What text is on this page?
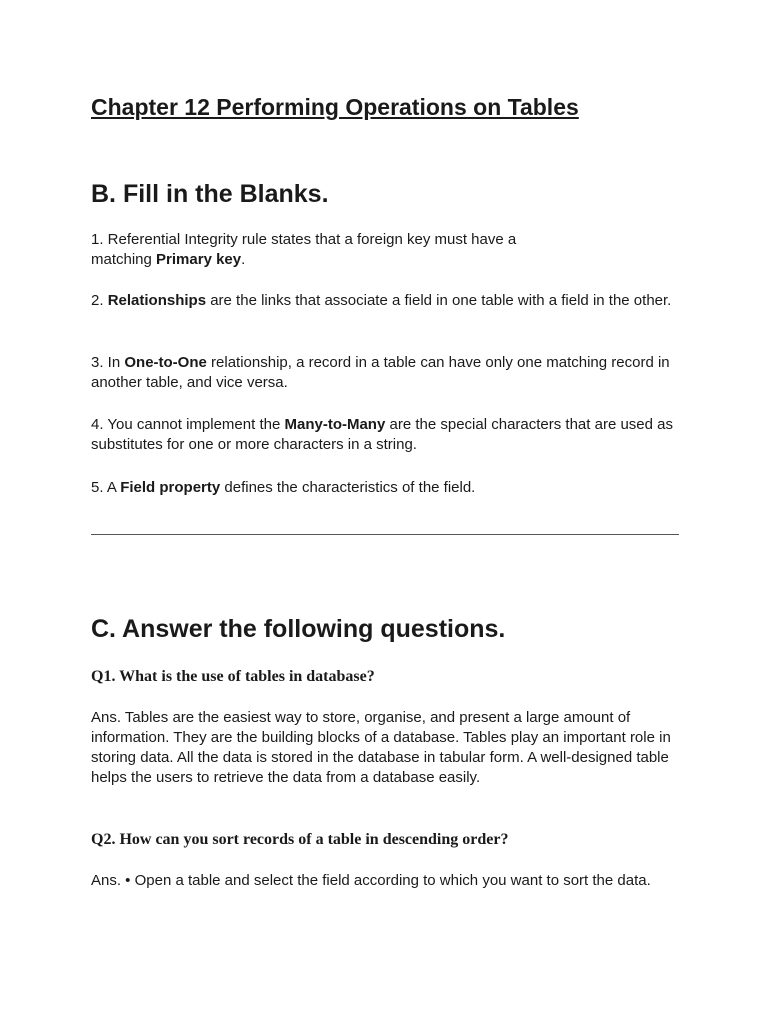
Chapter 12 Performing Operations on Tables
B. Fill in the Blanks.

1. Referential Integrity rule states that a foreign key must have a
matching Primary key.

2. Relationships are the links that associate a field in one table with a field in the other.

3. In One-to-One relationship, a record in a table can have only one matching record in another table, and vice versa.

4. You cannot implement the Many-to-Many are the special characters that are used as substitutes for one or more characters in a string.

5. A Field property defines the characteristics of the field.

C. Answer the following questions.
Q1. What is the use of tables in database?

Ans. Tables are the easiest way to store, organise, and present a large amount of information. They are the building blocks of a database. Tables play an important role in storing data. All the data is stored in the database in tabular form. A well-designed table helps the users to retrieve the data from a database easily.

Q2. How can you sort records of a table in descending order?

Ans. • Open a table and select the field according to which you want to sort the data.
